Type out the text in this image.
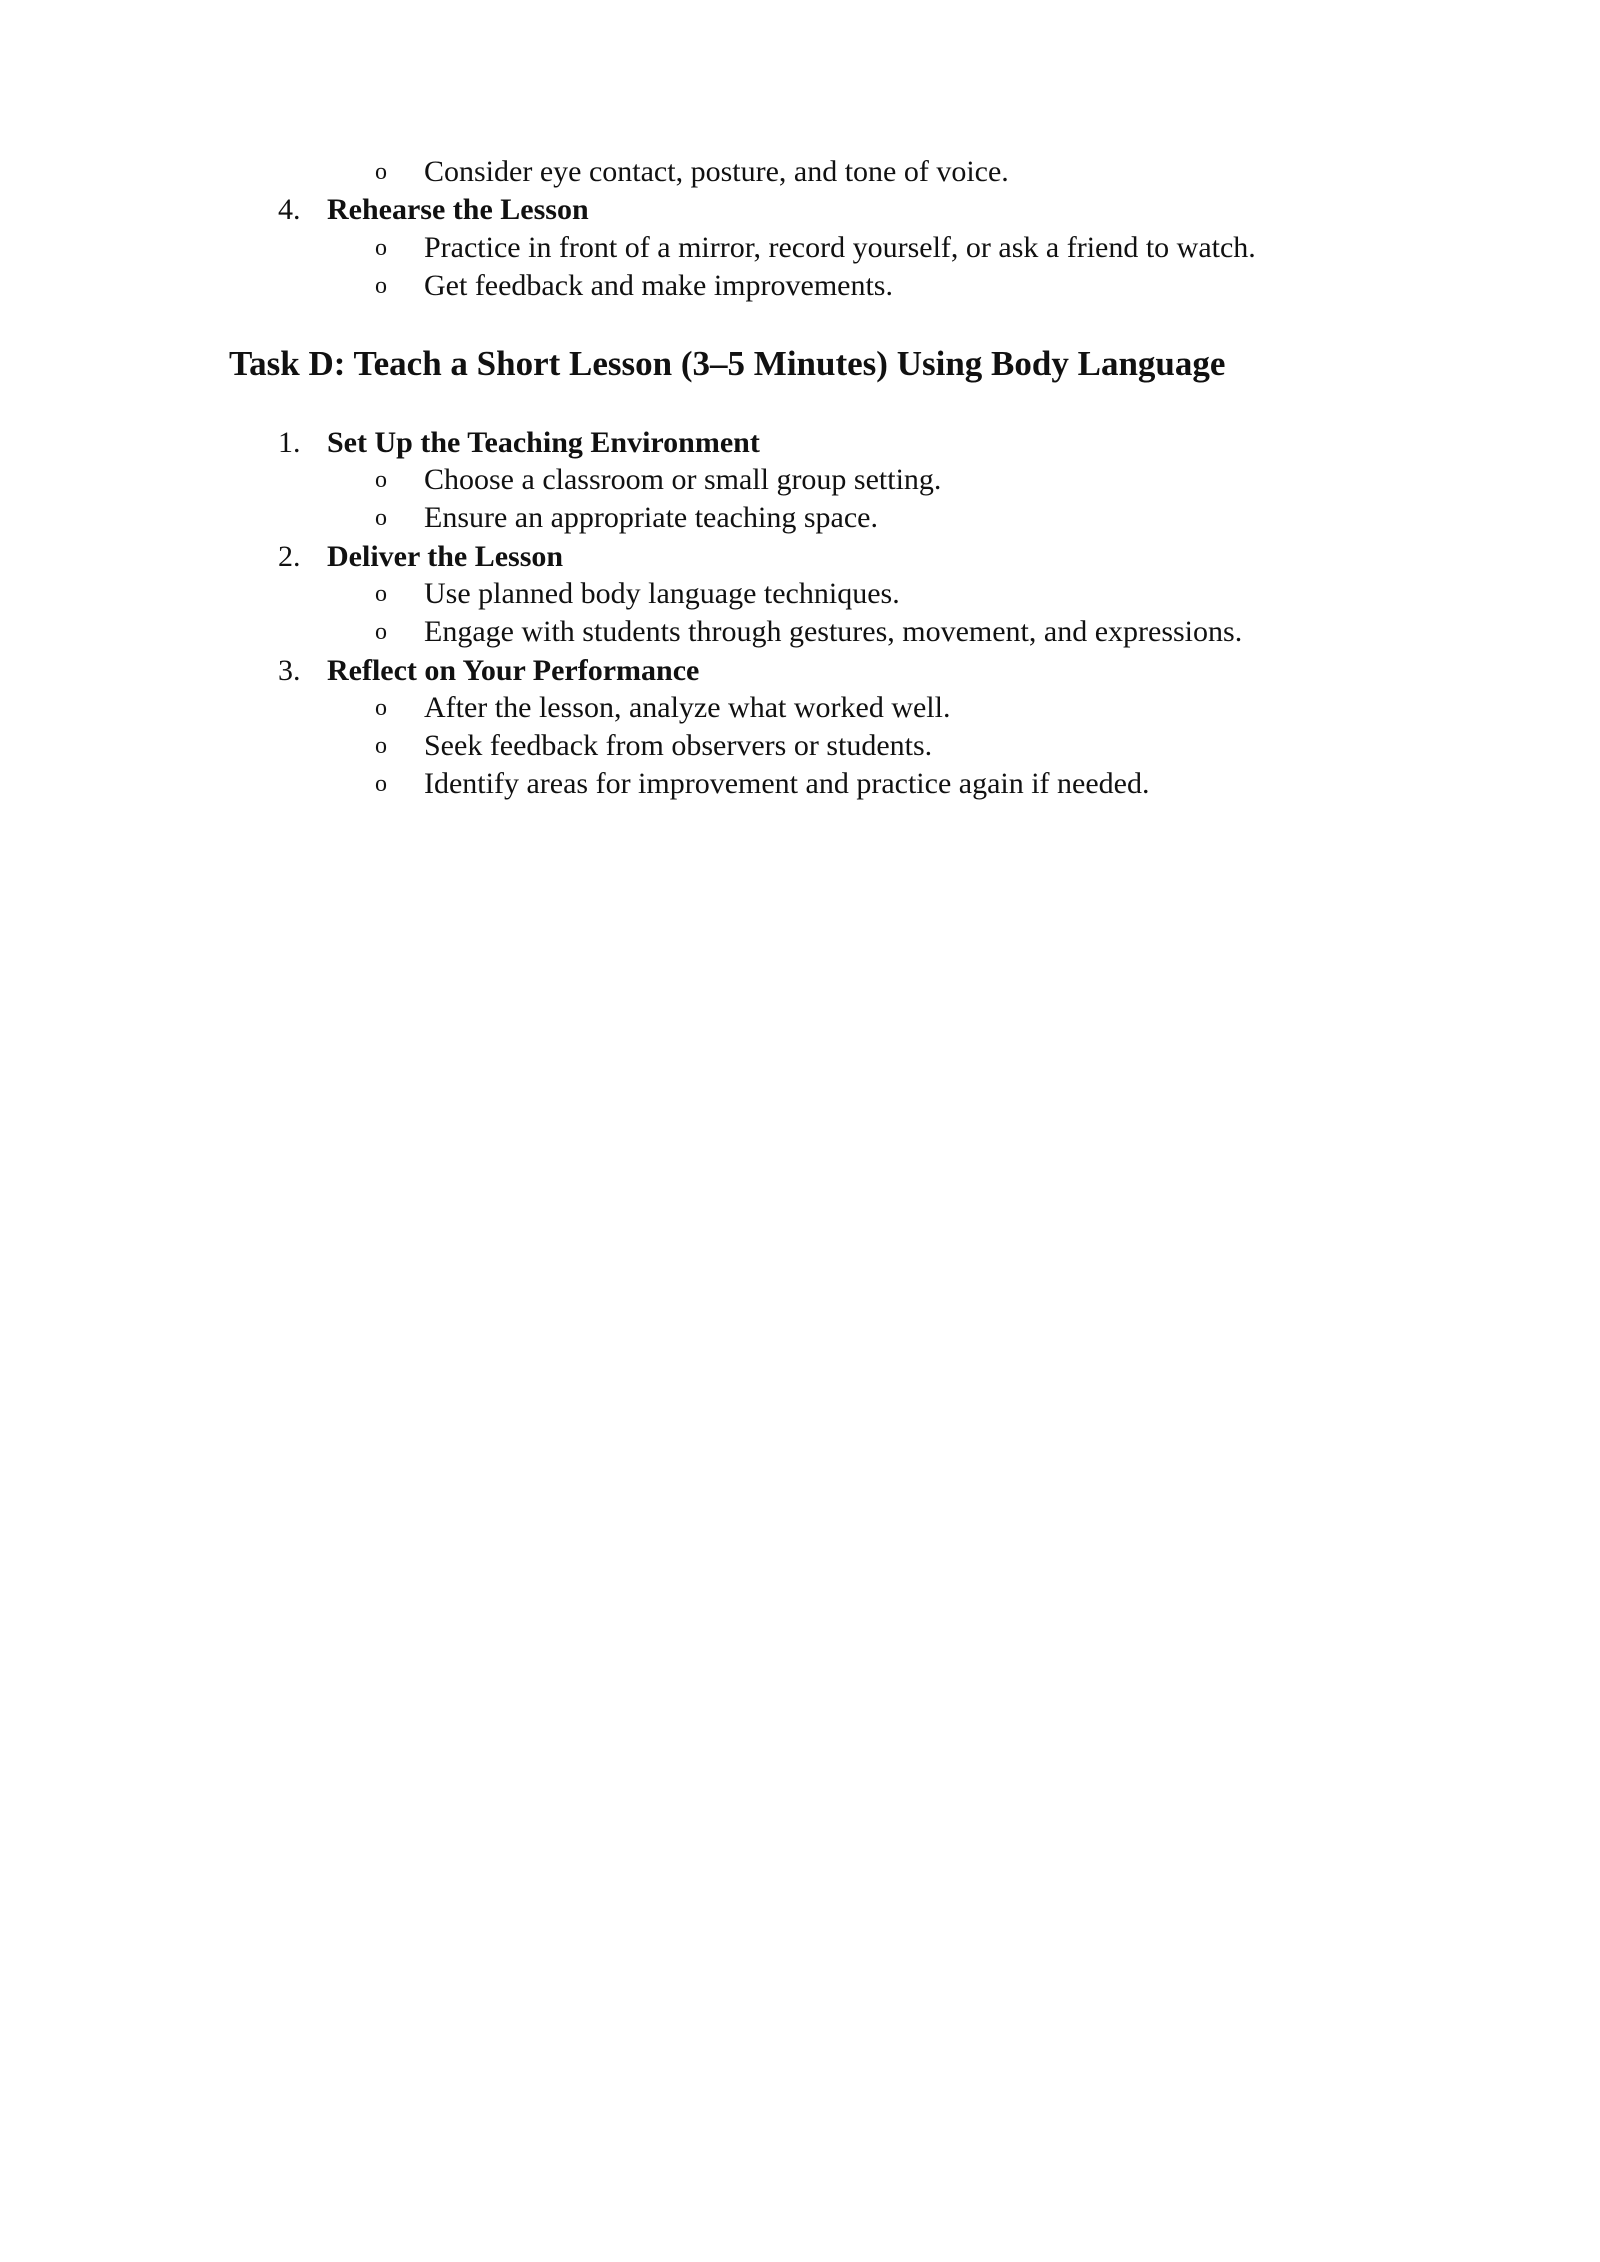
o Consider eye contact, posture, and tone of voice.
4. Rehearse the Lesson
o Practice in front of a mirror, record yourself, or ask a friend to watch.
o Get feedback and make improvements.
Task D: Teach a Short Lesson (3–5 Minutes) Using Body Language
1. Set Up the Teaching Environment
o Choose a classroom or small group setting.
o Ensure an appropriate teaching space.
2. Deliver the Lesson
o Use planned body language techniques.
o Engage with students through gestures, movement, and expressions.
3. Reflect on Your Performance
o After the lesson, analyze what worked well.
o Seek feedback from observers or students.
o Identify areas for improvement and practice again if needed.
